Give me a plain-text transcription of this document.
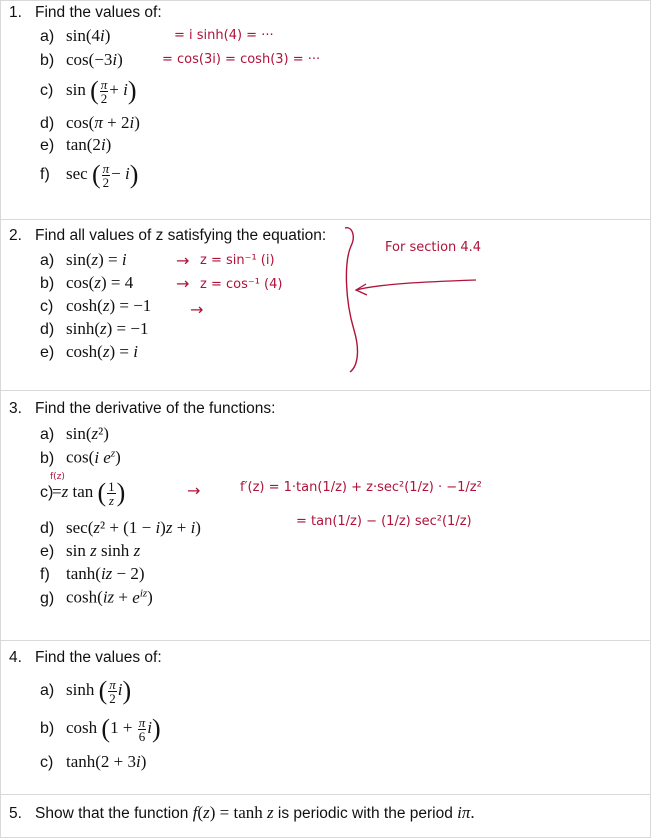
1. Find the values of:
a) sin(4i)
b) cos(−3i)
c) sin ( $\frac{\pi}{2} + i$)
d) cos(π + 2i)
e) tan(2i)
f) sec ( $\frac{\pi}{2} - i$)
= i sinh(4) = ···
= cos(3i) = cosh(3) = ···
2. Find all values of z satisfying the equation:
a) sin(z) = i
b) cos(z) = 4
c) cosh(z) = −1
d) sinh(z) = −1
e) cosh(z) = i
→ z = sin⁻¹ (i)
→ z = cos⁻¹ (4)
→
For section 4.4
3. Find the derivative of the functions:
a) sin(z²)
b) cos(i $e^z$)
c)=z tan ( $\frac{1}{z}$ )
f(z)
d) sec(z² + (1 − i)z + i)
e) sin z sinh z
f) tanh(iz − 2)
g) $\cosh(iz + e^{iz})$
→	f′(z) = 1·tan(1/z) + z·sec²(1/z) · −1/z²
= tan(1/z) − (1/z) sec²(1/z)
4. Find the values of:
a) sinh ( $\frac{\pi}{2} i$)
b) $\cosh (1 + \frac{\pi}{6} i)$
c) tanh(2 + 3i)
5. Show that the function f(z) = tanh z is periodic with the period iπ.
